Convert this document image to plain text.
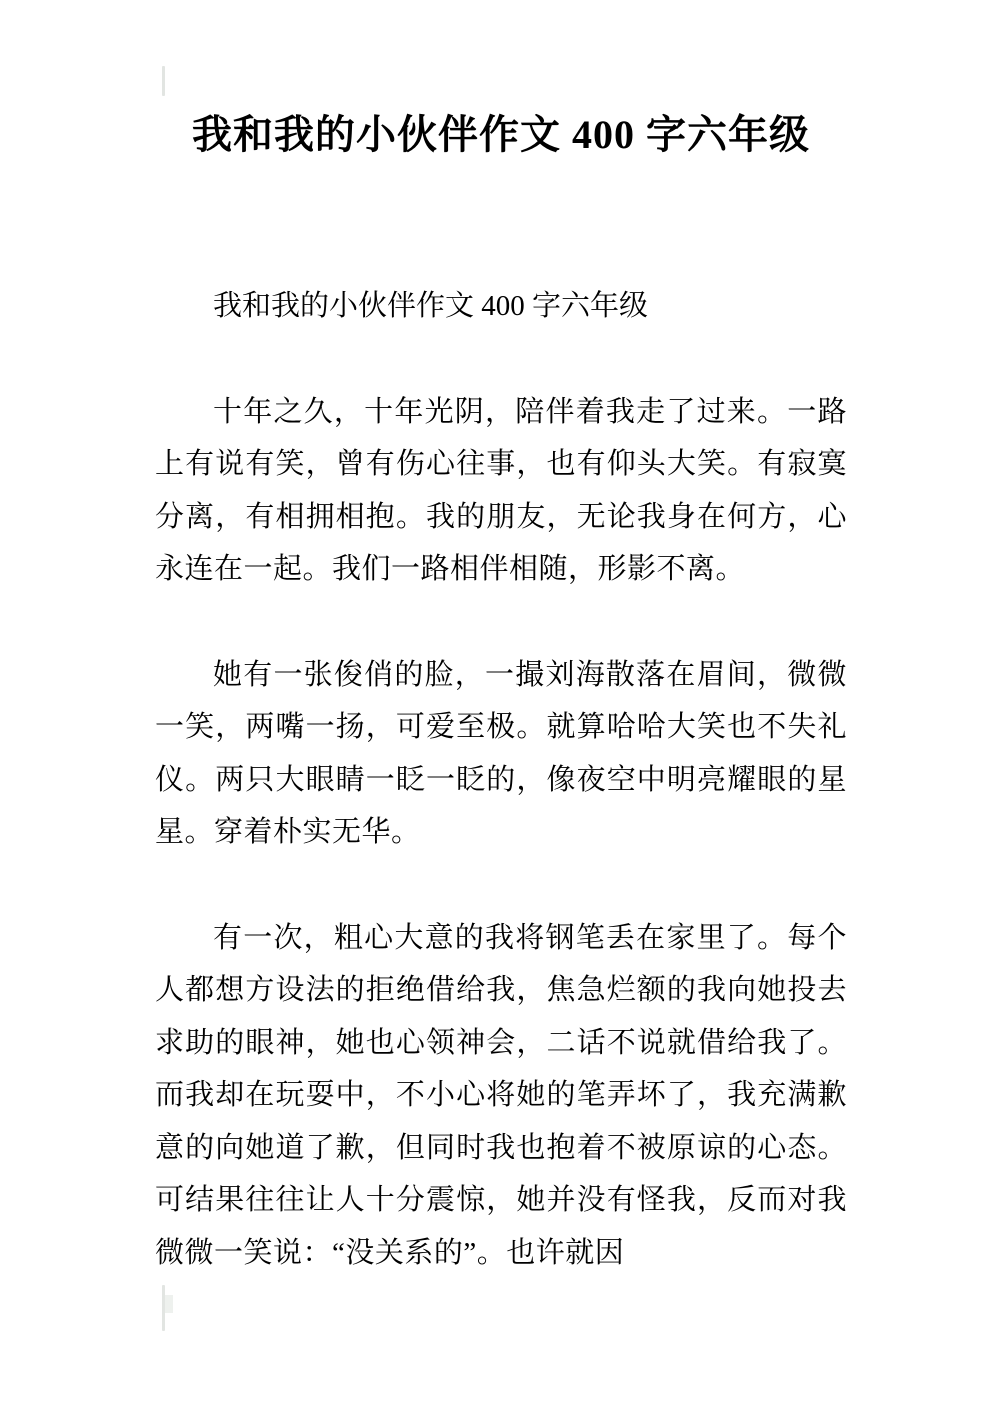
我和我的小伙伴作文 400 字六年级

我和我的小伙伴作文 400 字六年级

十年之久，十年光阴，陪伴着我走了过来。一路上有说有笑，曾有伤心往事，也有仰头大笑。有寂寞分离，有相拥相抱。我的朋友，无论我身在何方，心永连在一起。我们一路相伴相随，形影不离。

她有一张俊俏的脸，一撮刘海散落在眉间，微微一笑，两嘴一扬，可爱至极。就算哈哈大笑也不失礼仪。两只大眼睛一眨一眨的，像夜空中明亮耀眼的星星。穿着朴实无华。

有一次，粗心大意的我将钢笔丢在家里了。每个人都想方设法的拒绝借给我，焦急烂额的我向她投去求助的眼神，她也心领神会，二话不说就借给我了。而我却在玩耍中，不小心将她的笔弄坏了，我充满歉意的向她道了歉，但同时我也抱着不被原谅的心态。可结果往往让人十分震惊，她并没有怪我，反而对我微微一笑说：“没关系的”。也许就因
